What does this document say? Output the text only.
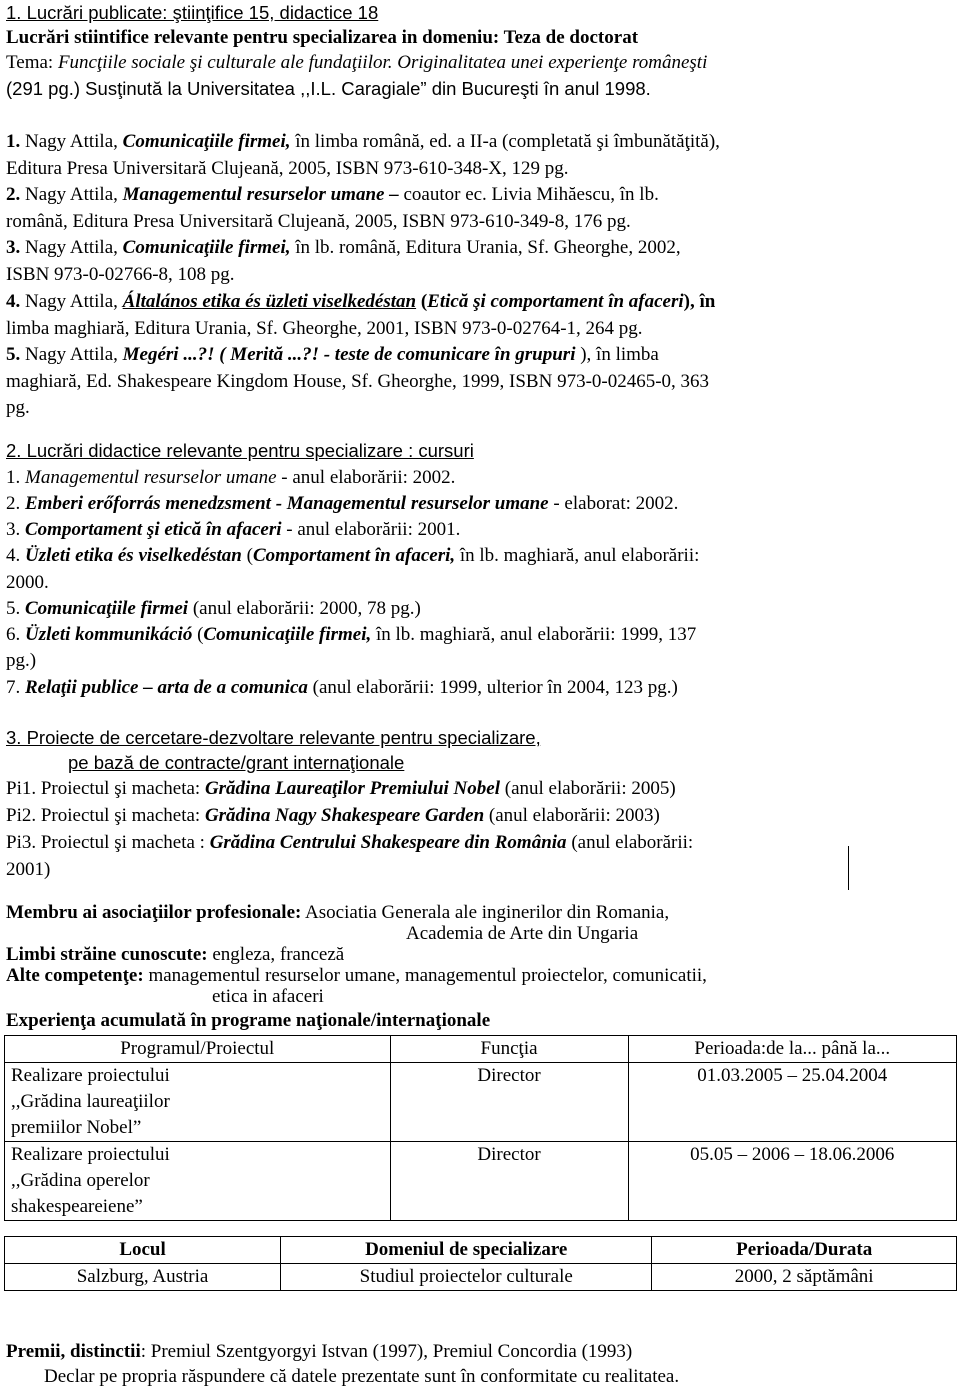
1. Lucrări publicate: ştiinţifice 15, didactice 18
Lucrări stiintifice relevante pentru specializarea in domeniu: Teza de doctorat
Tema: Funcţiile sociale şi culturale ale fundaţiilor. Originalitatea unei experienţe româneşti
(291 pg.) Susţinută la Universitatea ,,I.L. Caragiale” din Bucureşti în anul 1998.
1. Nagy Attila, Comunicaţiile firmei, în limba română, ed. a II-a (completată şi îmbunătăţită),
Editura Presa Universitară Clujeană, 2005, ISBN 973-610-348-X, 129 pg.
2. Nagy Attila, Managementul resurselor umane – coautor ec. Livia Mihăescu, în lb.
română, Editura Presa Universitară Clujeană, 2005, ISBN 973-610-349-8, 176 pg.
3. Nagy Attila, Comunicaţiile firmei, în lb. română, Editura Urania, Sf. Gheorghe, 2002,
ISBN 973-0-02766-8, 108 pg.
4. Nagy Attila, Általános etika és üzleti viselkedéstan (Etică şi comportament în afaceri), în
limba maghiară, Editura Urania, Sf. Gheorghe, 2001, ISBN 973-0-02764-1, 264 pg.
5. Nagy Attila, Megéri ...?! ( Merită ...?! - teste de comunicare în grupuri ), în limba
maghiară, Ed. Shakespeare Kingdom House, Sf. Gheorghe, 1999, ISBN 973-0-02465-0, 363
pg.
2. Lucrări didactice relevante pentru specializare : cursuri
1. Managementul resurselor umane - anul elaborării: 2002.
2. Emberi erőforrás menedzsment - Managementul resurselor umane - elaborat: 2002.
3. Comportament şi etică în afaceri - anul elaborării: 2001.
4. Üzleti etika és viselkedéstan (Comportament în afaceri, în lb. maghiară, anul elaborării:
2000.
5. Comunicaţiile firmei (anul elaborării: 2000, 78 pg.)
6. Üzleti kommunikáció (Comunicaţiile firmei, în lb. maghiară, anul elaborării: 1999, 137
pg.)
7. Relaţii publice – arta de a comunica (anul elaborării: 1999, ulterior în 2004, 123 pg.)
3. Proiecte de cercetare-dezvoltare relevante pentru specializare,
pe bază de contracte/grant internaţionale
Pi1. Proiectul şi macheta: Grădina Laureaţilor Premiului Nobel (anul elaborării: 2005)
Pi2. Proiectul şi macheta: Grădina Nagy Shakespeare Garden (anul elaborării: 2003)
Pi3. Proiectul şi macheta : Grădina Centrului Shakespeare din România (anul elaborării:
2001)
Membru ai asociaţiilor profesionale: Asociatia Generala ale inginerilor din Romania,
Academia de Arte din Ungaria
Limbi străine cunoscute: engleza, franceză
Alte competenţe: managementul resurselor umane, managementul proiectelor, comunicatii,
etica in afaceri
Experienţa acumulată în programe naţionale/internaţionale
Programul/Proiectul	Funcţia	Perioada:de la... până la...

Realizare proiectului
,,Grădina laureaţiilor
premiilor Nobel”	Director	01.03.2005 – 25.04.2004

Realizare proiectului
,,Grădina operelor
shakespeareiene”	Director	05.05 – 2006 – 18.06.2006
Locul	Domeniul de specializare	Perioada/Durata
Salzburg, Austria	Studiul proiectelor culturale	2000, 2 săptămâni
Premii, distinctii: Premiul Szentgyorgyi Istvan (1997), Premiul Concordia (1993)
Declar pe propria răspundere că datele prezentate sunt în conformitate cu realitatea.
